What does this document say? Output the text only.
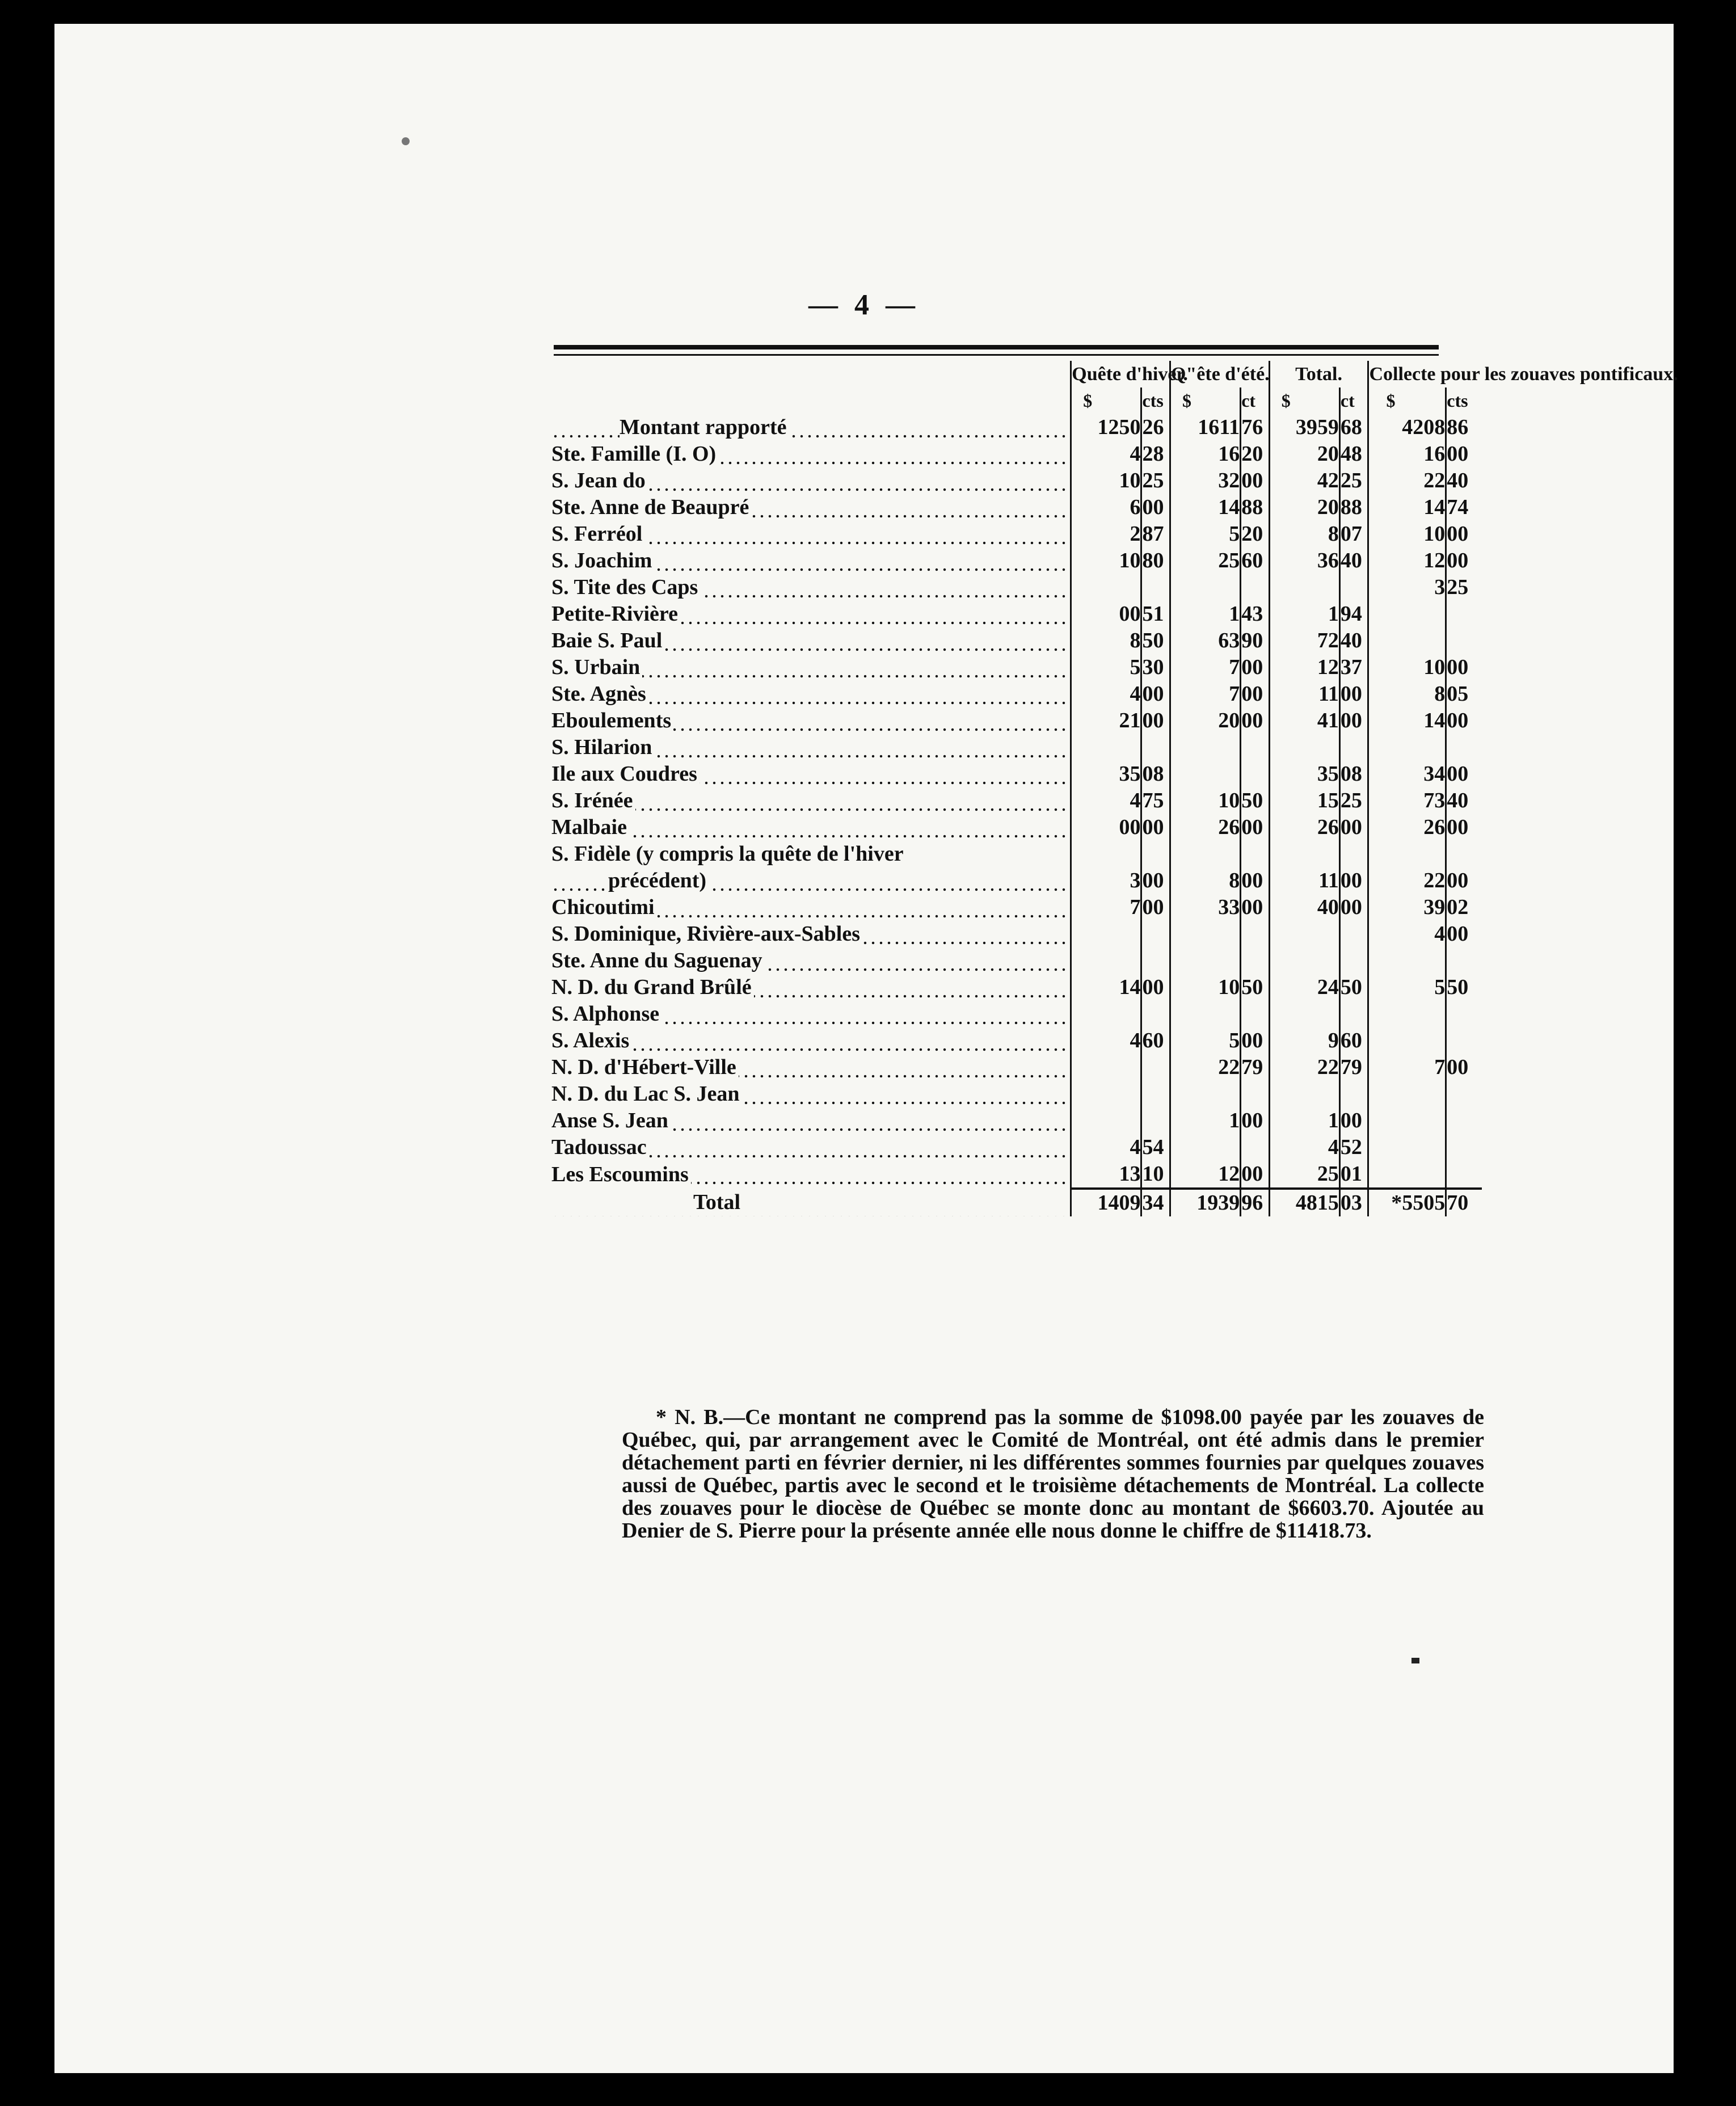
— 4 —
	Quête d'hiver.		Q"ête d'été.		Total.		Collecte pour les zouaves pontificaux.	
	$	cts	$	ct	$	ct	$	cts
Montant rapporté	1250	26	1611	76	3959	68	4208	86
Ste. Famille (I. O)	4	28	16	20	20	48	16	00
S. Jean do	10	25	32	00	42	25	22	40
Ste. Anne de Beaupré	6	00	14	88	20	88	14	74
S. Ferréol	2	87	5	20	8	07	10	00
S. Joachim	10	80	25	60	36	40	12	00
S. Tite des Caps							3	25
Petite-Rivière	00	51	1	43	1	94		
Baie S. Paul	8	50	63	90	72	40		
S. Urbain	5	30	7	00	12	37	10	00
Ste. Agnès	4	00	7	00	11	00	8	05
Eboulements	21	00	20	00	41	00	14	00
S. Hilarion								
Ile aux Coudres	35	08			35	08	34	00
S. Irénée	4	75	10	50	15	25	73	40
Malbaie	00	00	26	00	26	00	26	00
S. Fidèle (y compris la quête de l'hiver								
précédent)	3	00	8	00	11	00	22	00
Chicoutimi	7	00	33	00	40	00	39	02
S. Dominique, Rivière-aux-Sables							4	00
Ste. Anne du Saguenay								
N. D. du Grand Brûlé	14	00	10	50	24	50	5	50
S. Alphonse								
S. Alexis	4	60	5	00	9	60		
N. D. d'Hébert-Ville			22	79	22	79	7	00
N. D. du Lac S. Jean								
Anse S. Jean			1	00	1	00		
Tadoussac	4	54			4	52		
Les Escoumins	13	10	12	00	25	01		
Total	1409	34	1939	96	4815	03	*5505	70

* N. B.—Ce montant ne comprend pas la somme de $1098.00 payée par les zouaves de Québec, qui, par arrangement avec le Comité de Montréal, ont été admis dans le premier détachement parti en février dernier, ni les différentes sommes fournies par quelques zouaves aussi de Québec, partis avec le second et le troisième détachements de Montréal. La collecte des zouaves pour le diocèse de Québec se monte donc au montant de $6603.70. Ajoutée au Denier de S. Pierre pour la présente année elle nous donne le chiffre de $11418.73.
